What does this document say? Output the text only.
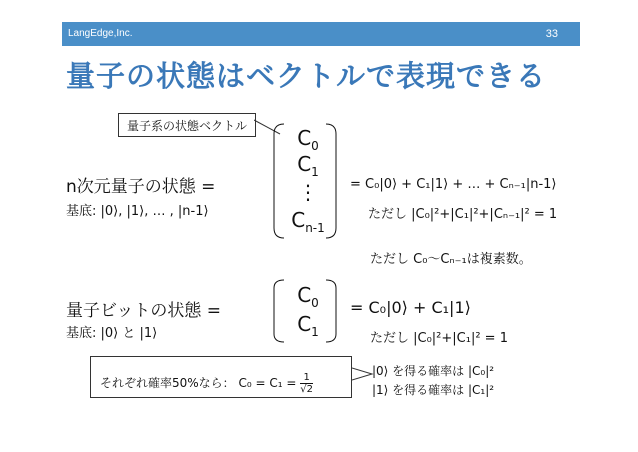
LangEdge,Inc.	33
量子の状態はベクトルで表現できる
量子系の状態ベクトル
n次元量子の状態 =
基底: |0⟩, |1⟩, … , |n-1⟩
$C_0$
$C_1$
⋮
$C_{n-1}$
= C₀|0⟩ + C₁|1⟩ + … + Cₙ₋₁|n-1⟩
ただし |C₀|²+|C₁|²+|Cₙ₋₁|² = 1
ただし C₀〜Cₙ₋₁は複素数。
量子ビットの状態 =
基底: |0⟩ と |1⟩
$C_0$
$C_1$
= C₀|0⟩ + C₁|1⟩
ただし |C₀|²+|C₁|² = 1
それぞれ確率50%なら： $C_0 = C_1 = \frac{1}{√2}$
|0⟩ を得る確率は |C₀|²
|1⟩ を得る確率は |C₁|²
